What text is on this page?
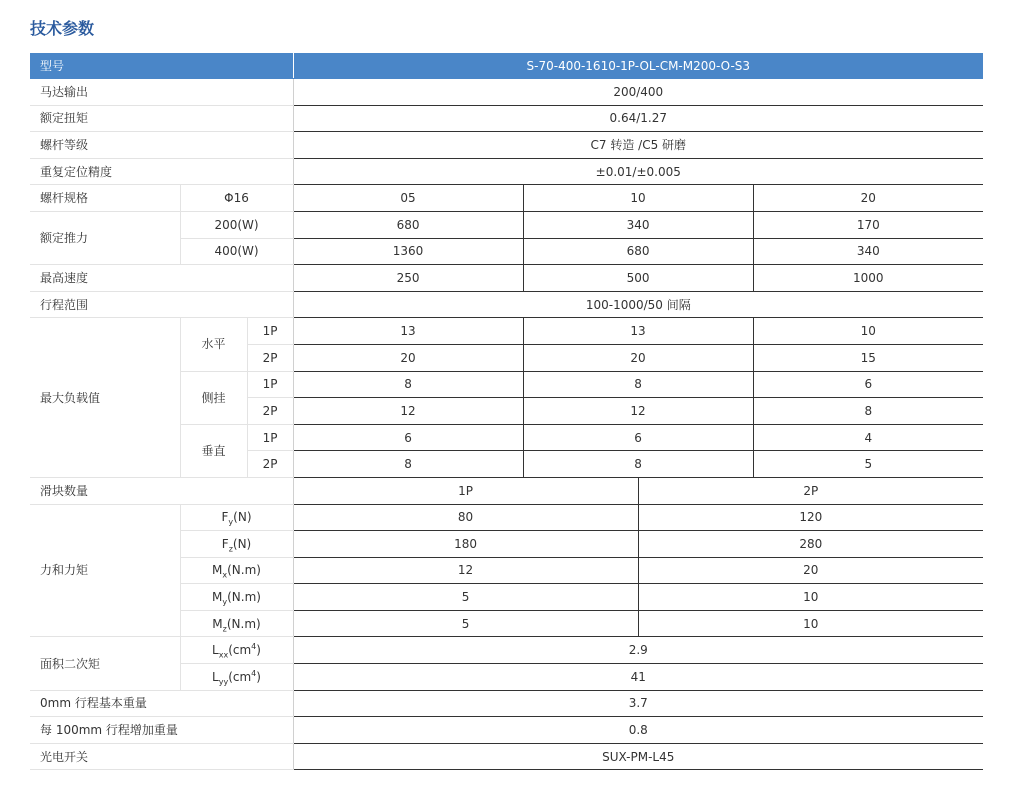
技术参数
型号			S-70-400-1610-1P-OL-CM-M200-O-S3			
马达输出			200/400			
额定扭矩			0.64/1.27			
螺杆等级			C7 转造 /C5 研磨			
重复定位精度			±0.01/±0.005			
螺杆规格	Φ16		05	10		20
额定推力	200(W)		680	340		170
	400(W)		1360	680		340
最高速度			250	500		1000
行程范围			100-1000/50 间隔			
最大负载值	水平	1P	13	13		10
		2P	20	20		15
	侧挂	1P	8	8		6
		2P	12	12		8
	垂直	1P	6	6		4
		2P	8	8		5
滑块数量			1P		2P	
力和力矩	$F_y(N)$		80		120	
	$F_z(N)$		180		280	
	$M_x(N.m)$		12		20	
	$M_y(N.m)$		5		10	
	$M_z(N.m)$		5		10	
面积二次矩	$L_{xx}(cm^4)$		2.9			
	$L_{yy}(cm^4)$		41			
0mm 行程基本重量			3.7			
每 100mm 行程增加重量			0.8			
光电开关			SUX-PM-L45			
